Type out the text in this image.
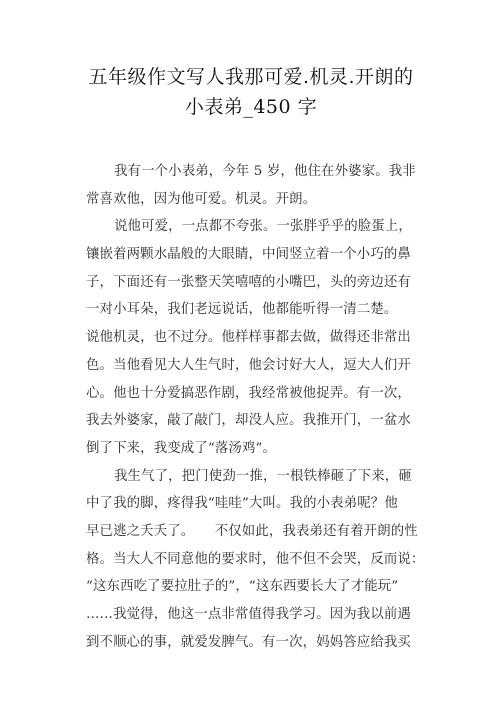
五年级作文写人我那可爱.机灵.开朗的
小表弟_450 字
我有一个小表弟，今年 5 岁，他住在外婆家。我非
常喜欢他，因为他可爱。机灵。开朗。
说他可爱，一点都不夸张。一张胖乎乎的脸蛋上，
镶嵌着两颗水晶般的大眼睛，中间竖立着一个小巧的鼻
子，下面还有一张整天笑嘻嘻的小嘴巴，头的旁边还有
一对小耳朵，我们老远说话，他都能听得一清二楚。
说他机灵，也不过分。他样样事都去做，做得还非常出
色。当他看见大人生气时，他会讨好大人，逗大人们开
心。他也十分爱搞恶作剧，我经常被他捉弄。有一次，
我去外婆家，敲了敲门，却没人应。我推开门，一盆水
倒了下来，我变成了“落汤鸡”。
我生气了，把门使劲一推，一根铁棒砸了下来，砸
中了我的脚，疼得我“哇哇”大叫。我的小表弟呢？他
早已逃之夭夭了。　　不仅如此，我表弟还有着开朗的性
格。当大人不同意他的要求时，他不但不会哭，反而说：
“这东西吃了要拉肚子的”，“这东西要长大了才能玩”
……我觉得，他这一点非常值得我学习。因为我以前遇
到不顺心的事，就爱发脾气。有一次，妈妈答应给我买
